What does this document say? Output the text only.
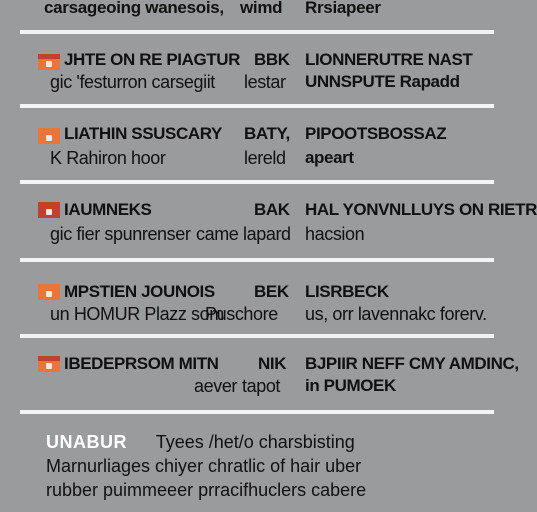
carsageoing wanesois, wimd Rrsiapeer
JHTE ON RE PIAGTUR
gic 'festurron carsegiit
BBK
lestar
LIONNERUTRE NAST
UNNSPUTE Rapadd
LIATHIN SSUSCARY
K Rahiron hoor
BATY,
lereld
PIPOOTSBOSSAZ
apeart
IAUMNEKS
gic fier spunrenser
BAK
came lapard
HAL YONVNLLUYS ON RIETR
hacsion
MPSTIEN JOUNOIS
un HOMUR Plazz som
BEK
Puschore
LISRBECK
us, orr lavennakc forerv.
IBEDEPRSOM MITN
aever
NIK
tapot
BJPIIR NEFF CMY AMDINC,
in PUMOEK
UNABUR Tyees /het/o charsbisting
Marnurliages chiyer chratlic of hair uber
rubber puimmeeer prracifhuclers cabere
